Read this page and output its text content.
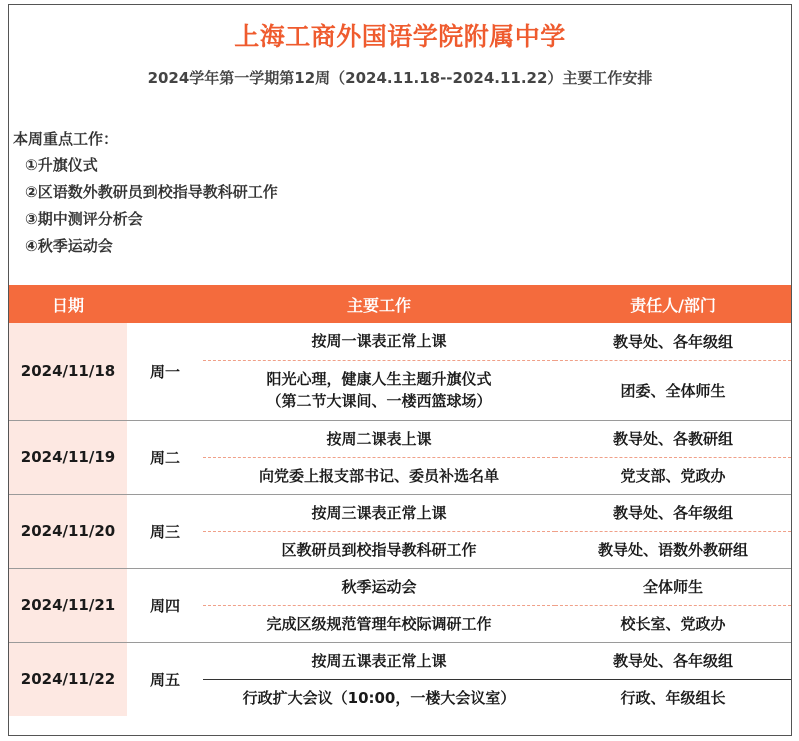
上海工商外国语学院附属中学
2024学年第一学期第12周（2024.11.18--2024.11.22）主要工作安排
本周重点工作：
①升旗仪式
②区语数外教研员到校指导教科研工作
③期中测评分析会
④秋季运动会
日期		主要工作	责任人/部门
2024/11/18	周一	按周一课表正常上课	教导处、各年级组

		阳光心理，健康人生主题升旗仪式
（第二节大课间、一楼西篮球场）	团委、全体师生
2024/11/19	周二	按周二课表上课	教导处、各教研组

		向党委上报支部书记、委员补选名单	党支部、党政办
2024/11/20	周三	按周三课表正常上课	教导处、各年级组

		区教研员到校指导教科研工作	教导处、语数外教研组
2024/11/21	周四	秋季运动会	全体师生

		完成区级规范管理年校际调研工作	校长室、党政办
2024/11/22	周五	按周五课表正常上课	教导处、各年级组

		行政扩大会议（10:00，一楼大会议室）	行政、年级组长
